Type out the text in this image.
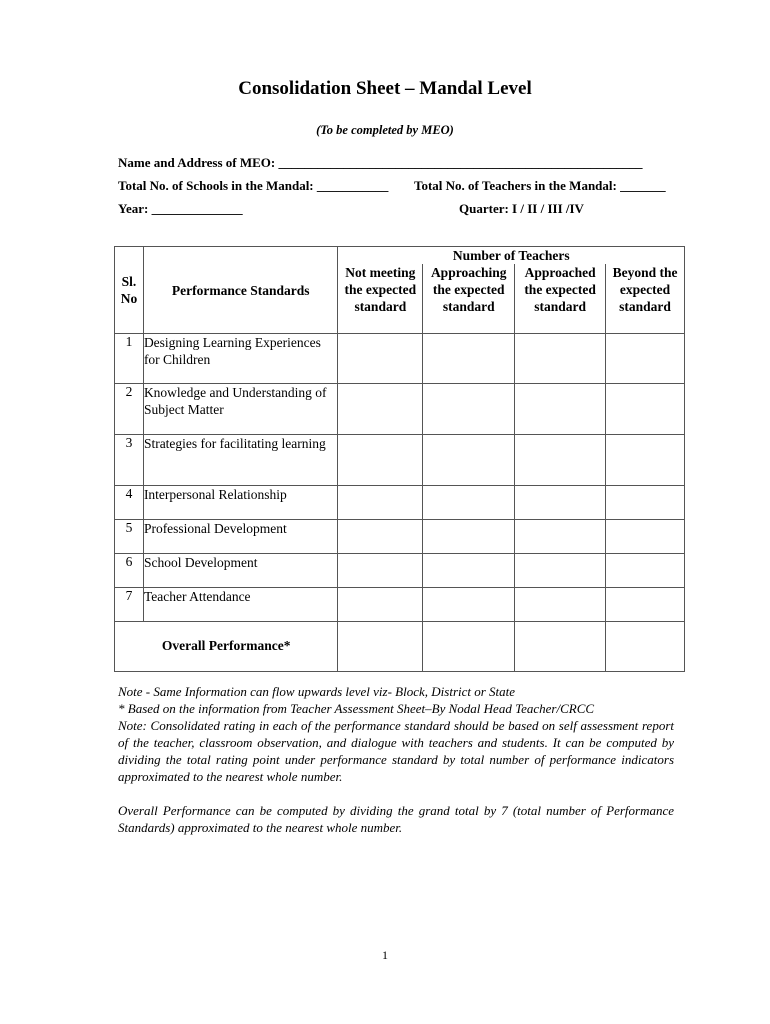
Consolidation Sheet – Mandal Level
(To be completed by MEO)
Name and Address of MEO: ________________________________________________________
Total No. of Schools in the Mandal: ___________ Total No. of Teachers in the Mandal: _______
Year: ______________	Quarter: I / II / III /IV
Sl. No	Performance Standards	Number of Teachers			
		Not meeting the expected standard	Approaching the expected standard	Approached the expected standard	Beyond the expected standard
1	Designing Learning Experiences for Children				
2	Knowledge and Understanding of Subject Matter				
3	Strategies for facilitating learning				
4	Interpersonal Relationship				
5	Professional Development				
6	School Development				
7	Teacher Attendance				
Overall Performance*					

Note - Same Information can flow upwards level viz- Block, District or State

* Based on the information from Teacher Assessment Sheet–By Nodal Head Teacher/CRCC

Note: Consolidated rating in each of the performance standard should be based on self assessment report of the teacher, classroom observation, and dialogue with teachers and students. It can be computed by dividing the total rating point under performance standard by total number of performance indicators approximated to the nearest whole number.

Overall Performance can be computed by dividing the grand total by 7 (total number of Performance Standards) approximated to the nearest whole number.

1
